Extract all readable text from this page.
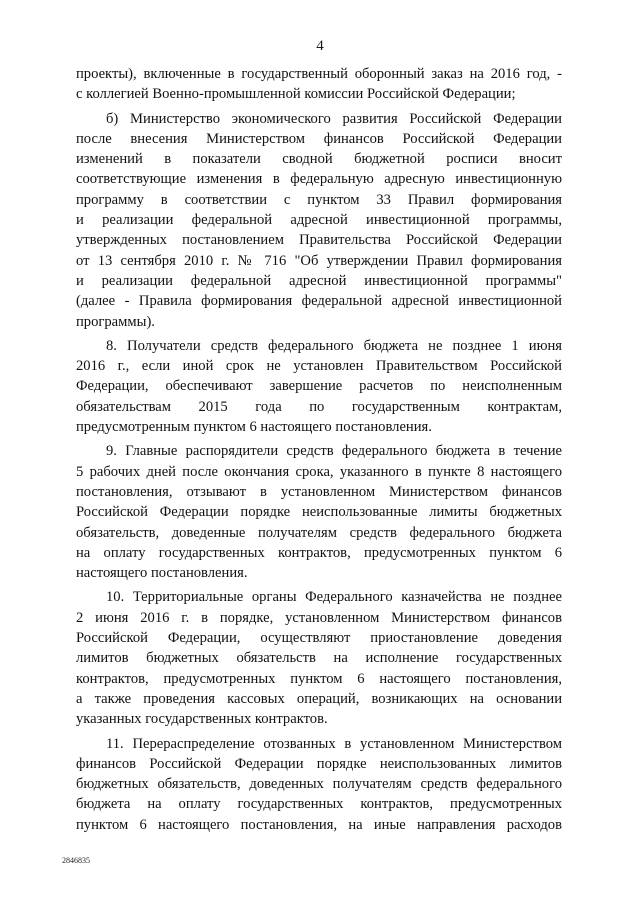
4
проекты), включенные в государственный оборонный заказ на 2016 год, -
с коллегией Военно-промышленной комиссии Российской Федерации;
б) Министерство экономического развития Российской Федерации
после внесения Министерством финансов Российской Федерации
изменений в показатели сводной бюджетной росписи вносит
соответствующие изменения в федеральную адресную инвестиционную
программу в соответствии с пунктом 33 Правил формирования
и реализации федеральной адресной инвестиционной программы,
утвержденных постановлением Правительства Российской Федерации
от 13 сентября 2010 г. № 716 "Об утверждении Правил формирования
и реализации федеральной адресной инвестиционной программы"
(далее - Правила формирования федеральной адресной инвестиционной
программы).
8. Получатели средств федерального бюджета не позднее 1 июня
2016 г., если иной срок не установлен Правительством Российской
Федерации, обеспечивают завершение расчетов по неисполненным
обязательствам 2015 года по государственным контрактам,
предусмотренным пунктом 6 настоящего постановления.
9. Главные распорядители средств федерального бюджета в течение
5 рабочих дней после окончания срока, указанного в пункте 8 настоящего
постановления, отзывают в установленном Министерством финансов
Российской Федерации порядке неиспользованные лимиты бюджетных
обязательств, доведенные получателям средств федерального бюджета
на оплату государственных контрактов, предусмотренных пунктом 6
настоящего постановления.
10. Территориальные органы Федерального казначейства не позднее
2 июня 2016 г. в порядке, установленном Министерством финансов
Российской Федерации, осуществляют приостановление доведения
лимитов бюджетных обязательств на исполнение государственных
контрактов, предусмотренных пунктом 6 настоящего постановления,
а также проведения кассовых операций, возникающих на основании
указанных государственных контрактов.
11. Перераспределение отозванных в установленном Министерством
финансов Российской Федерации порядке неиспользованных лимитов
бюджетных обязательств, доведенных получателям средств федерального
бюджета на оплату государственных контрактов, предусмотренных
пунктом 6 настоящего постановления, на иные направления расходов
2846835
